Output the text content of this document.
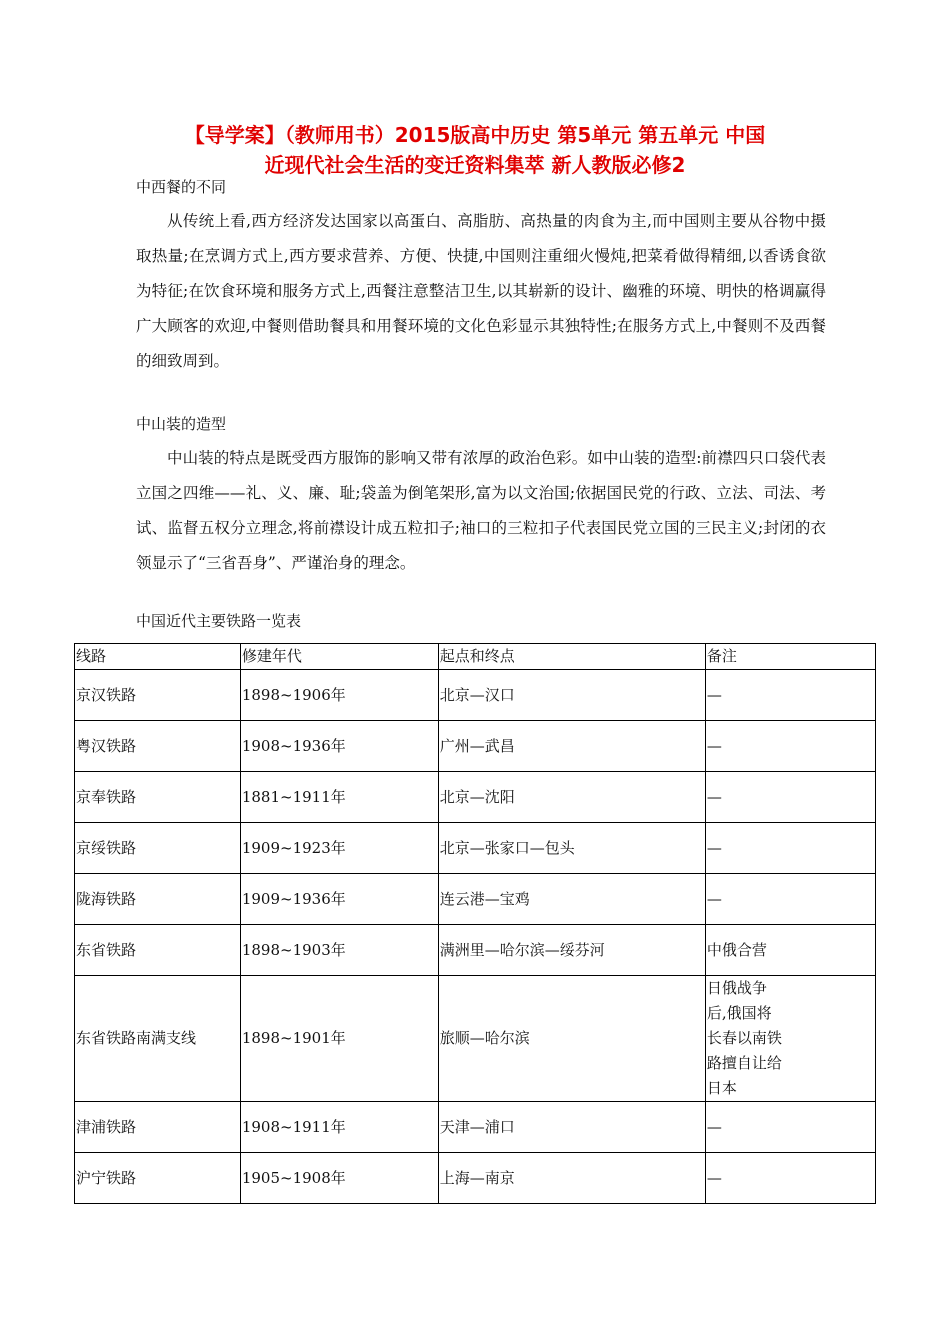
【导学案】（教师用书）2015版高中历史 第5单元 第五单元 中国
近现代社会生活的变迁资料集萃 新人教版必修2
中西餐的不同

从传统上看,西方经济发达国家以高蛋白、高脂肪、高热量的肉食为主,而中国则主要从谷物中摄取热量;在烹调方式上,西方要求营养、方便、快捷,中国则注重细火慢炖,把菜肴做得精细,以香诱食欲为特征;在饮食环境和服务方式上,西餐注意整洁卫生,以其崭新的设计、幽雅的环境、明快的格调赢得广大顾客的欢迎,中餐则借助餐具和用餐环境的文化色彩显示其独特性;在服务方式上,中餐则不及西餐的细致周到。

中山装的造型

中山装的特点是既受西方服饰的影响又带有浓厚的政治色彩。如中山装的造型:前襟四只口袋代表立国之四维——礼、义、廉、耻;袋盖为倒笔架形,富为以文治国;依据国民党的行政、立法、司法、考试、监督五权分立理念,将前襟设计成五粒扣子;袖口的三粒扣子代表国民党立国的三民主义;封闭的衣领显示了“三省吾身”、严谨治身的理念。

中国近代主要铁路一览表
线路	修建年代	起点和终点	备注
京汉铁路	1898~1906年	北京—汉口	—
粤汉铁路	1908~1936年	广州—武昌	—
京奉铁路	1881~1911年	北京—沈阳	—
京绥铁路	1909~1923年	北京—张家口—包头	—
陇海铁路	1909~1936年	连云港—宝鸡	—
东省铁路	1898~1903年	满洲里—哈尔滨—绥芬河	中俄合营
东省铁路南满支线	1898~1901年	旅顺—哈尔滨	日俄战争后,俄国将长春以南铁路擅自让给日本

津浦铁路	1908~1911年	天津—浦口	—
沪宁铁路	1905~1908年	上海—南京	—
